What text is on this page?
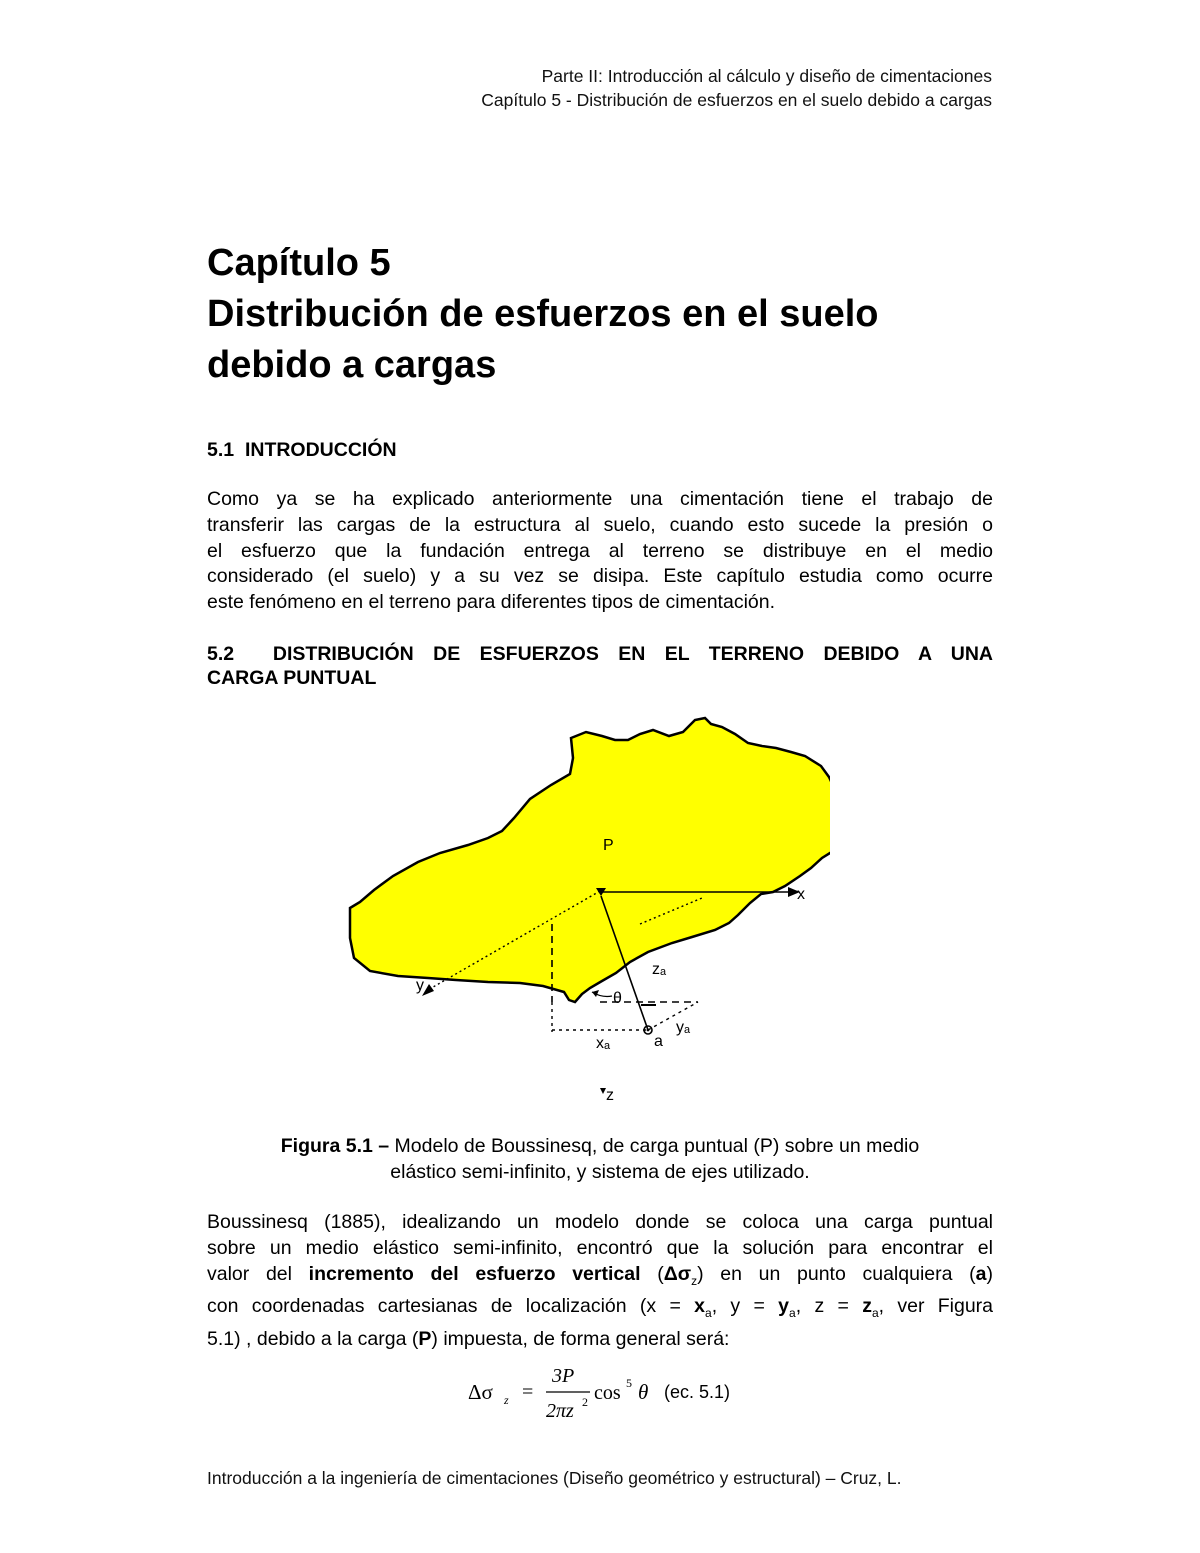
Parte II: Introducción al cálculo y diseño de cimentaciones
Capítulo 5 - Distribución de esfuerzos en el suelo debido a cargas
Capítulo 5
Distribución de esfuerzos en el suelo
debido a cargas
5.1  INTRODUCCIÓN
Como ya se ha explicado anteriormente una cimentación tiene el trabajo de
transferir las cargas de la estructura al suelo, cuando esto sucede la presión o
el esfuerzo que la fundación entrega al terreno se distribuye en el medio
considerado (el suelo) y a su vez se disipa. Este capítulo estudia como ocurre
este fenómeno en el terreno para diferentes tipos de cimentación.
5.2  DISTRIBUCIÓN DE ESFUERZOS EN EL TERRENO DEBIDO A UNA
CARGA PUNTUAL
P
x
y
zₐ
θ
yₐ
a
xₐ
z

Figura 5.1 – Modelo de Boussinesq, de carga puntual (P) sobre un medio
elástico semi-infinito, y sistema de ejes utilizado.

Boussinesq (1885), idealizando un modelo donde se coloca una carga puntual
sobre un medio elástico semi-infinito, encontró que la solución para encontrar el
valor del incremento del esfuerzo vertical $(\Delta\sigma_z)$ en un punto cualquiera (a)
con coordenadas cartesianas de localización ($x = x_a$, $y = y_a$, $z = z_a$, ver Figura
5.1) , debido a la carga (P) impuesta, de forma general será:
Δσ z =
3P
2πz 2 cos 5 θ (ec. 5.1)
Introducción a la ingeniería de cimentaciones (Diseño geométrico y estructural) – Cruz, L.
